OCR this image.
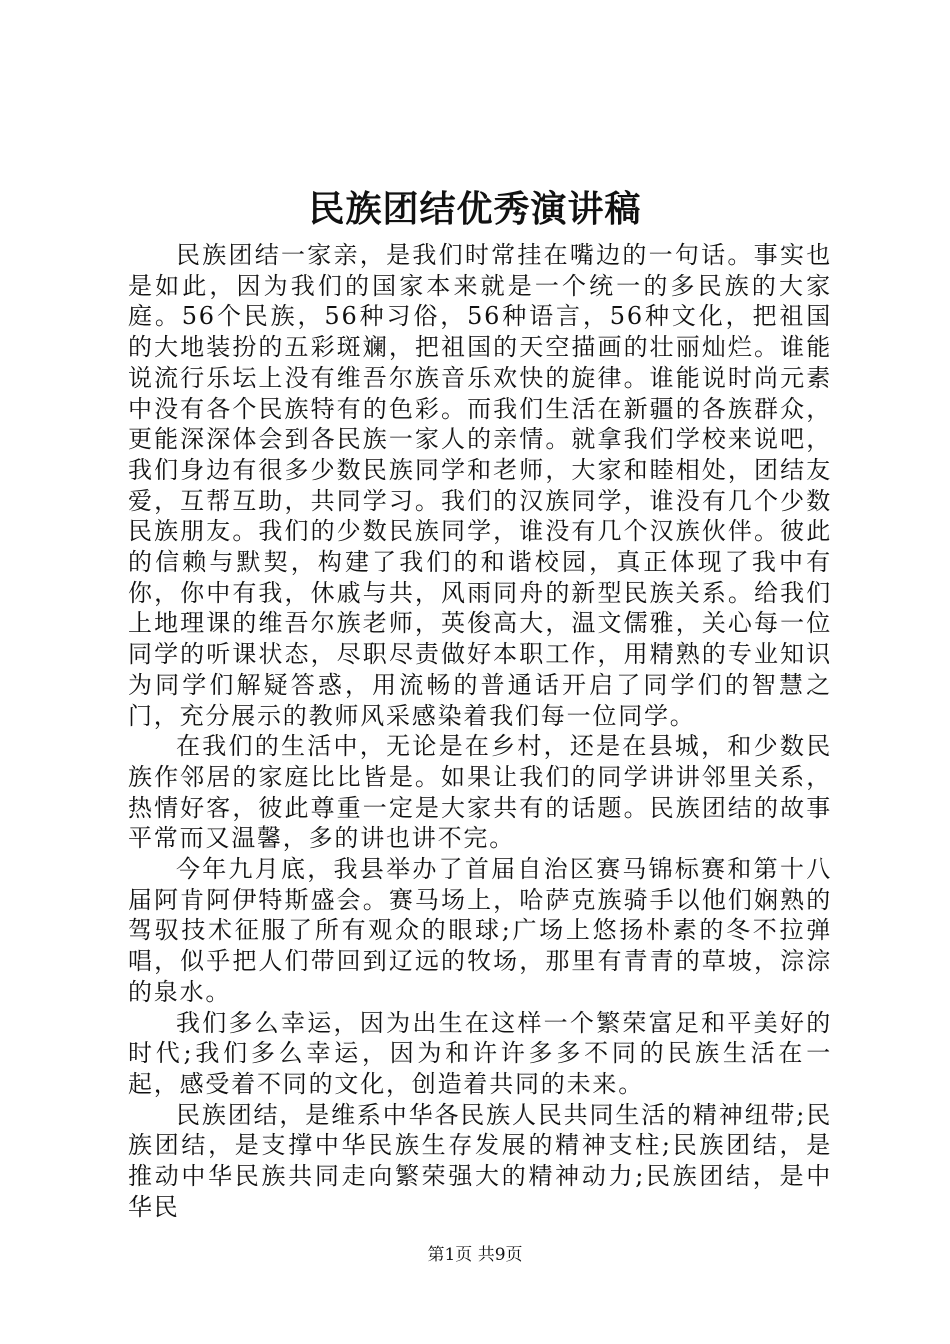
民族团结优秀演讲稿

民族团结一家亲，是我们时常挂在嘴边的一句话。事实也是如此，因为我们的国家本来就是一个统一的多民族的大家庭。56个民族，56种习俗，56种语言，56种文化，把祖国的大地装扮的五彩斑斓，把祖国的天空描画的壮丽灿烂。谁能说流行乐坛上没有维吾尔族音乐欢快的旋律。谁能说时尚元素中没有各个民族特有的色彩。而我们生活在新疆的各族群众，更能深深体会到各民族一家人的亲情。就拿我们学校来说吧，我们身边有很多少数民族同学和老师，大家和睦相处，团结友爱，互帮互助，共同学习。我们的汉族同学，谁没有几个少数民族朋友。我们的少数民族同学，谁没有几个汉族伙伴。彼此的信赖与默契，构建了我们的和谐校园，真正体现了我中有你，你中有我，休戚与共，风雨同舟的新型民族关系。给我们上地理课的维吾尔族老师，英俊高大，温文儒雅，关心每一位同学的听课状态，尽职尽责做好本职工作，用精熟的专业知识为同学们解疑答惑，用流畅的普通话开启了同学们的智慧之门，充分展示的教师风采感染着我们每一位同学。

在我们的生活中，无论是在乡村，还是在县城，和少数民族作邻居的家庭比比皆是。如果让我们的同学讲讲邻里关系，热情好客，彼此尊重一定是大家共有的话题。民族团结的故事平常而又温馨，多的讲也讲不完。

今年九月底，我县举办了首届自治区赛马锦标赛和第十八届阿肯阿伊特斯盛会。赛马场上，哈萨克族骑手以他们娴熟的驾驭技术征服了所有观众的眼球;广场上悠扬朴素的冬不拉弹唱，似乎把人们带回到辽远的牧场，那里有青青的草坡，淙淙的泉水。

我们多么幸运，因为出生在这样一个繁荣富足和平美好的时代;我们多么幸运，因为和许许多多不同的民族生活在一起，感受着不同的文化，创造着共同的未来。

民族团结，是维系中华各民族人民共同生活的精神纽带;民族团结，是支撑中华民族生存发展的精神支柱;民族团结，是推动中华民族共同走向繁荣强大的精神动力;民族团结，是中华民

第1页 共9页
